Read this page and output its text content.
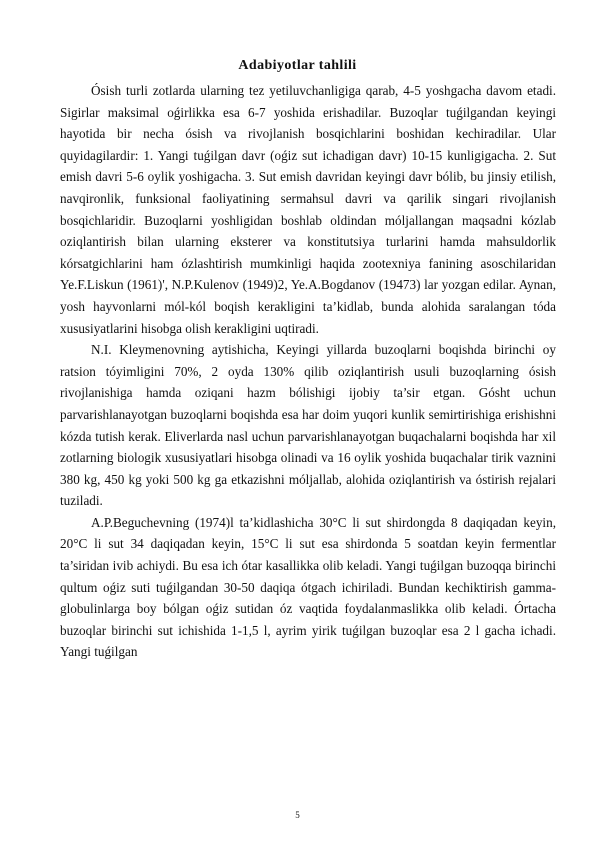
Adabiyotlar tahlili

Ósish turli zotlarda ularning tez yetiluvchanligiga qarab, 4-5 yoshgacha davom etadi. Sigirlar maksimal oǵirlikka esa 6-7 yoshida erishadilar. Buzoqlar tuǵilgandan keyingi hayotida bir necha ósish va rivojlanish bosqichlarini boshidan kechiradilar. Ular quyidagilardir: 1. Yangi tuǵilgan davr (oǵiz sut ichadigan davr) 10-15 kunligigacha. 2. Sut emish davri 5-6 oylik yoshigacha. 3. Sut emish davridan keyingi davr bólib, bu jinsiy etilish, navqironlik, funksional faoliyatining sermahsul davri va qarilik singari rivojlanish bosqichlaridir. Buzoqlarni yoshligidan boshlab oldindan móljallangan maqsadni kózlab oziqlantirish bilan ularning eksterer va konstitutsiya turlarini hamda mahsuldorlik kórsatgichlarini ham ózlashtirish mumkinligi haqida zootexniya fanining asoschilaridan Ye.F.Liskun (1961)', N.P.Kulenov (1949)2, Ye.A.Bogdanov (19473) lar yozgan edilar. Aynan, yosh hayvonlarni mól-kól boqish kerakligini ta’kidlab, bunda alohida saralangan tóda xususiyatlarini hisobga olish kerakligini uqtiradi.

N.I. Kleymenovning aytishicha, Keyingi yillarda buzoqlarni boqishda birinchi oy ratsion tóyimligini 70%, 2 oyda 130% qilib oziqlantirish usuli buzoqlarning ósish rivojlanishiga hamda oziqani hazm bólishigi ijobiy ta’sir etgan. Gósht uchun parvarishlanayotgan buzoqlarni boqishda esa har doim yuqori kunlik semirtirishiga erishishni kózda tutish kerak. Eliverlarda nasl uchun parvarishlanayotgan buqachalarni boqishda har xil zotlarning biologik xususiyatlari hisobga olinadi va 16 oylik yoshida buqachalar tirik vaznini 380 kg, 450 kg yoki 500 kg ga etkazishni móljallab, alohida oziqlantirish va óstirish rejalari tuziladi.

A.P.Beguchevning (1974)l ta’kidlashicha 30°C li sut shirdongda 8 daqiqadan keyin, 20°C li sut 34 daqiqadan keyin, 15°C li sut esa shirdonda 5 soatdan keyin fermentlar ta’siridan ivib achiydi. Bu esa ich ótar kasallikka olib keladi. Yangi tuǵilgan buzoqqa birinchi qultum oǵiz suti tuǵilgandan 30-50 daqiqa ótgach ichiriladi. Bundan kechiktirish gamma-globulinlarga boy bólgan oǵiz sutidan óz vaqtida foydalanmaslikka olib keladi. Órtacha buzoqlar birinchi sut ichishida 1-1,5 l, ayrim yirik tuǵilgan buzoqlar esa 2 l gacha ichadi. Yangi tuǵilgan

5
